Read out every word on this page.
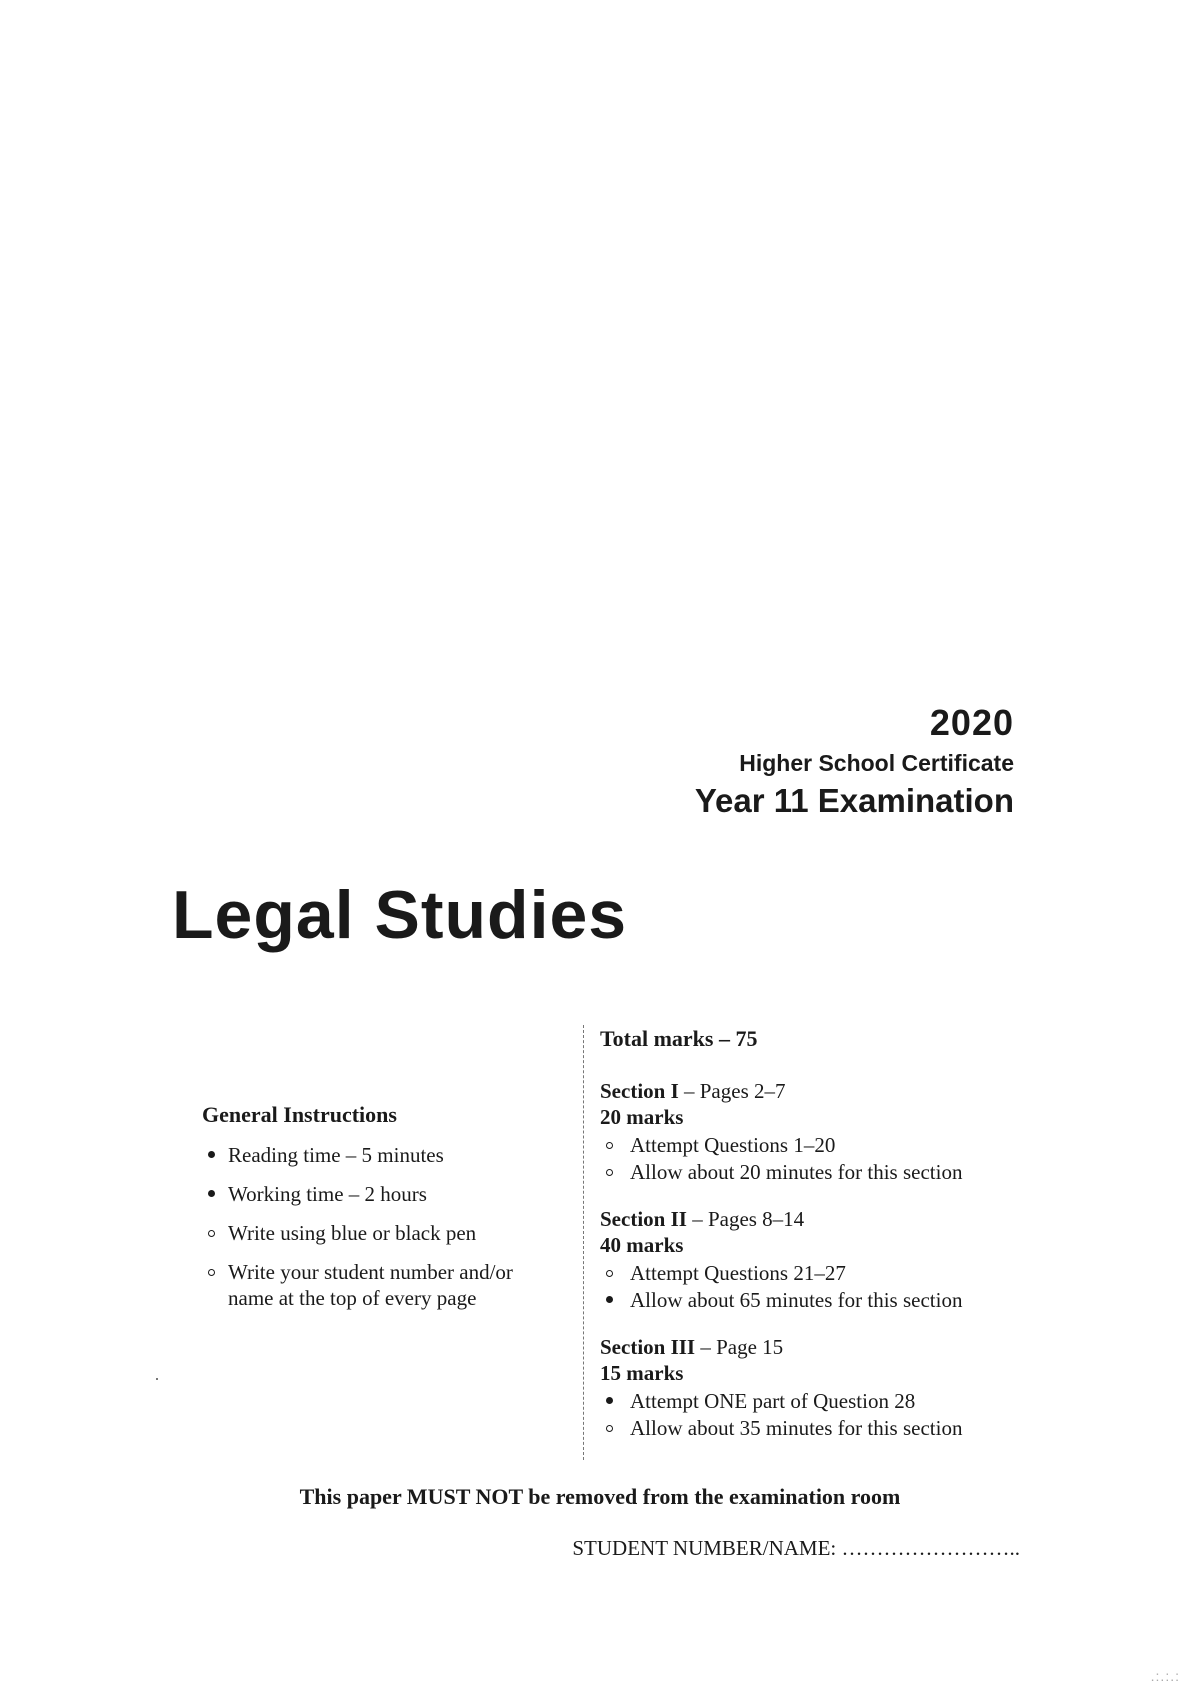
2020
Higher School Certificate
Year 11 Examination
Legal Studies
General Instructions
Reading time – 5 minutes
Working time – 2 hours
Write using blue or black pen
Write your student number and/or name at the top of every page
Total marks – 75
Section I – Pages 2–7
20 marks
Attempt Questions 1–20
Allow about 20 minutes for this section
Section II – Pages 8–14
40 marks
Attempt Questions 21–27
Allow about 65 minutes for this section
Section III – Page 15
15 marks
Attempt ONE part of Question 28
Allow about 35 minutes for this section
This paper MUST NOT be removed from the examination room
STUDENT NUMBER/NAME: ……………………..
.:.:.:
